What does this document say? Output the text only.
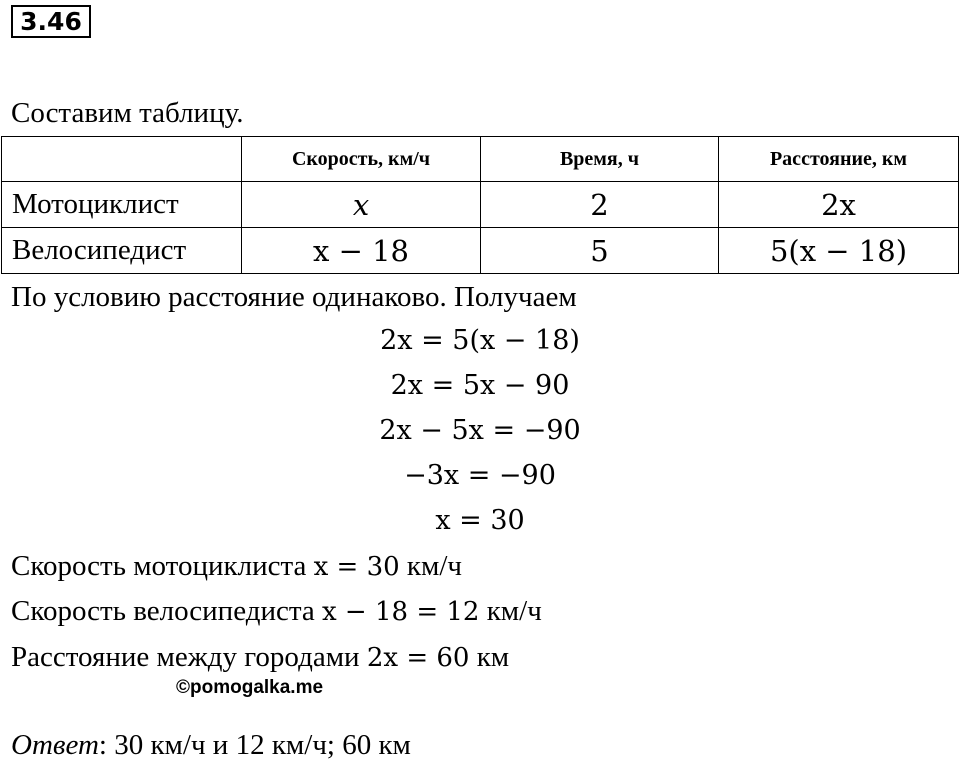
3.46
Составим таблицу.
	Скорость, км/ч	Время, ч	Расстояние, км
Мотоциклист	x	2	2x
Велосипедист	x − 18	5	5(x − 18)
По условию расстояние одинаково. Получаем
2x = 5(x − 18)
2x = 5x − 90
2x − 5x = −90
−3x = −90
x = 30
Скорость мотоциклиста x = 30 км/ч
Скорость велосипедиста x − 18 = 12 км/ч
Расстояние между городами 2x = 60 км
©pomogalka.me
Ответ: 30 км/ч и 12 км/ч; 60 км
